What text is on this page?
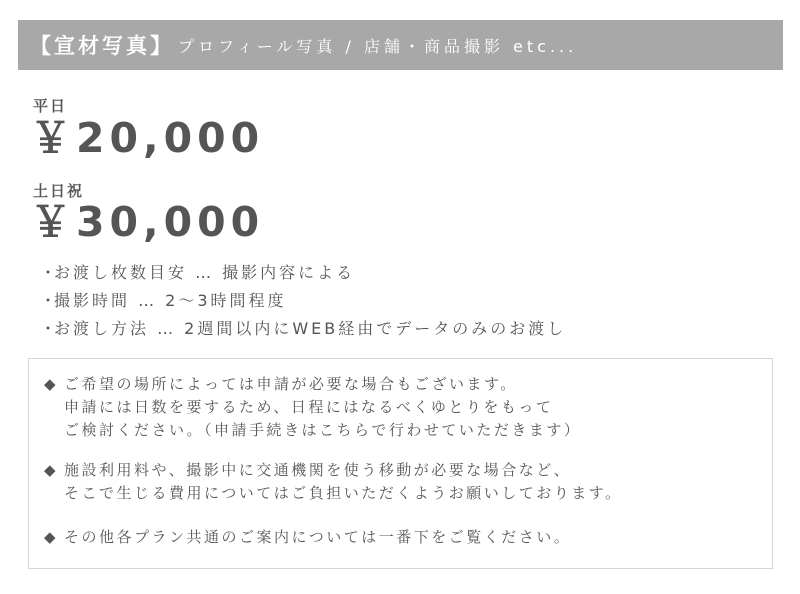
【宣材写真】 プロフィール写真 / 店舗・商品撮影 etc...
平日
￥20,000
土日祝
￥30,000
・お渡し枚数目安 … 撮影内容による
・撮影時間 … 2〜3時間程度
・お渡し方法 … 2週間以内にWEB経由でデータのみのお渡し
◆ ご希望の場所によっては申請が必要な場合もございます。
申請には日数を要するため、日程にはなるべくゆとりをもって
ご検討ください。（申請手続きはこちらで行わせていただきます）
◆ 施設利用料や、撮影中に交通機関を使う移動が必要な場合など、
そこで生じる費用についてはご負担いただくようお願いしております。
◆ その他各プラン共通のご案内については一番下をご覧ください。
